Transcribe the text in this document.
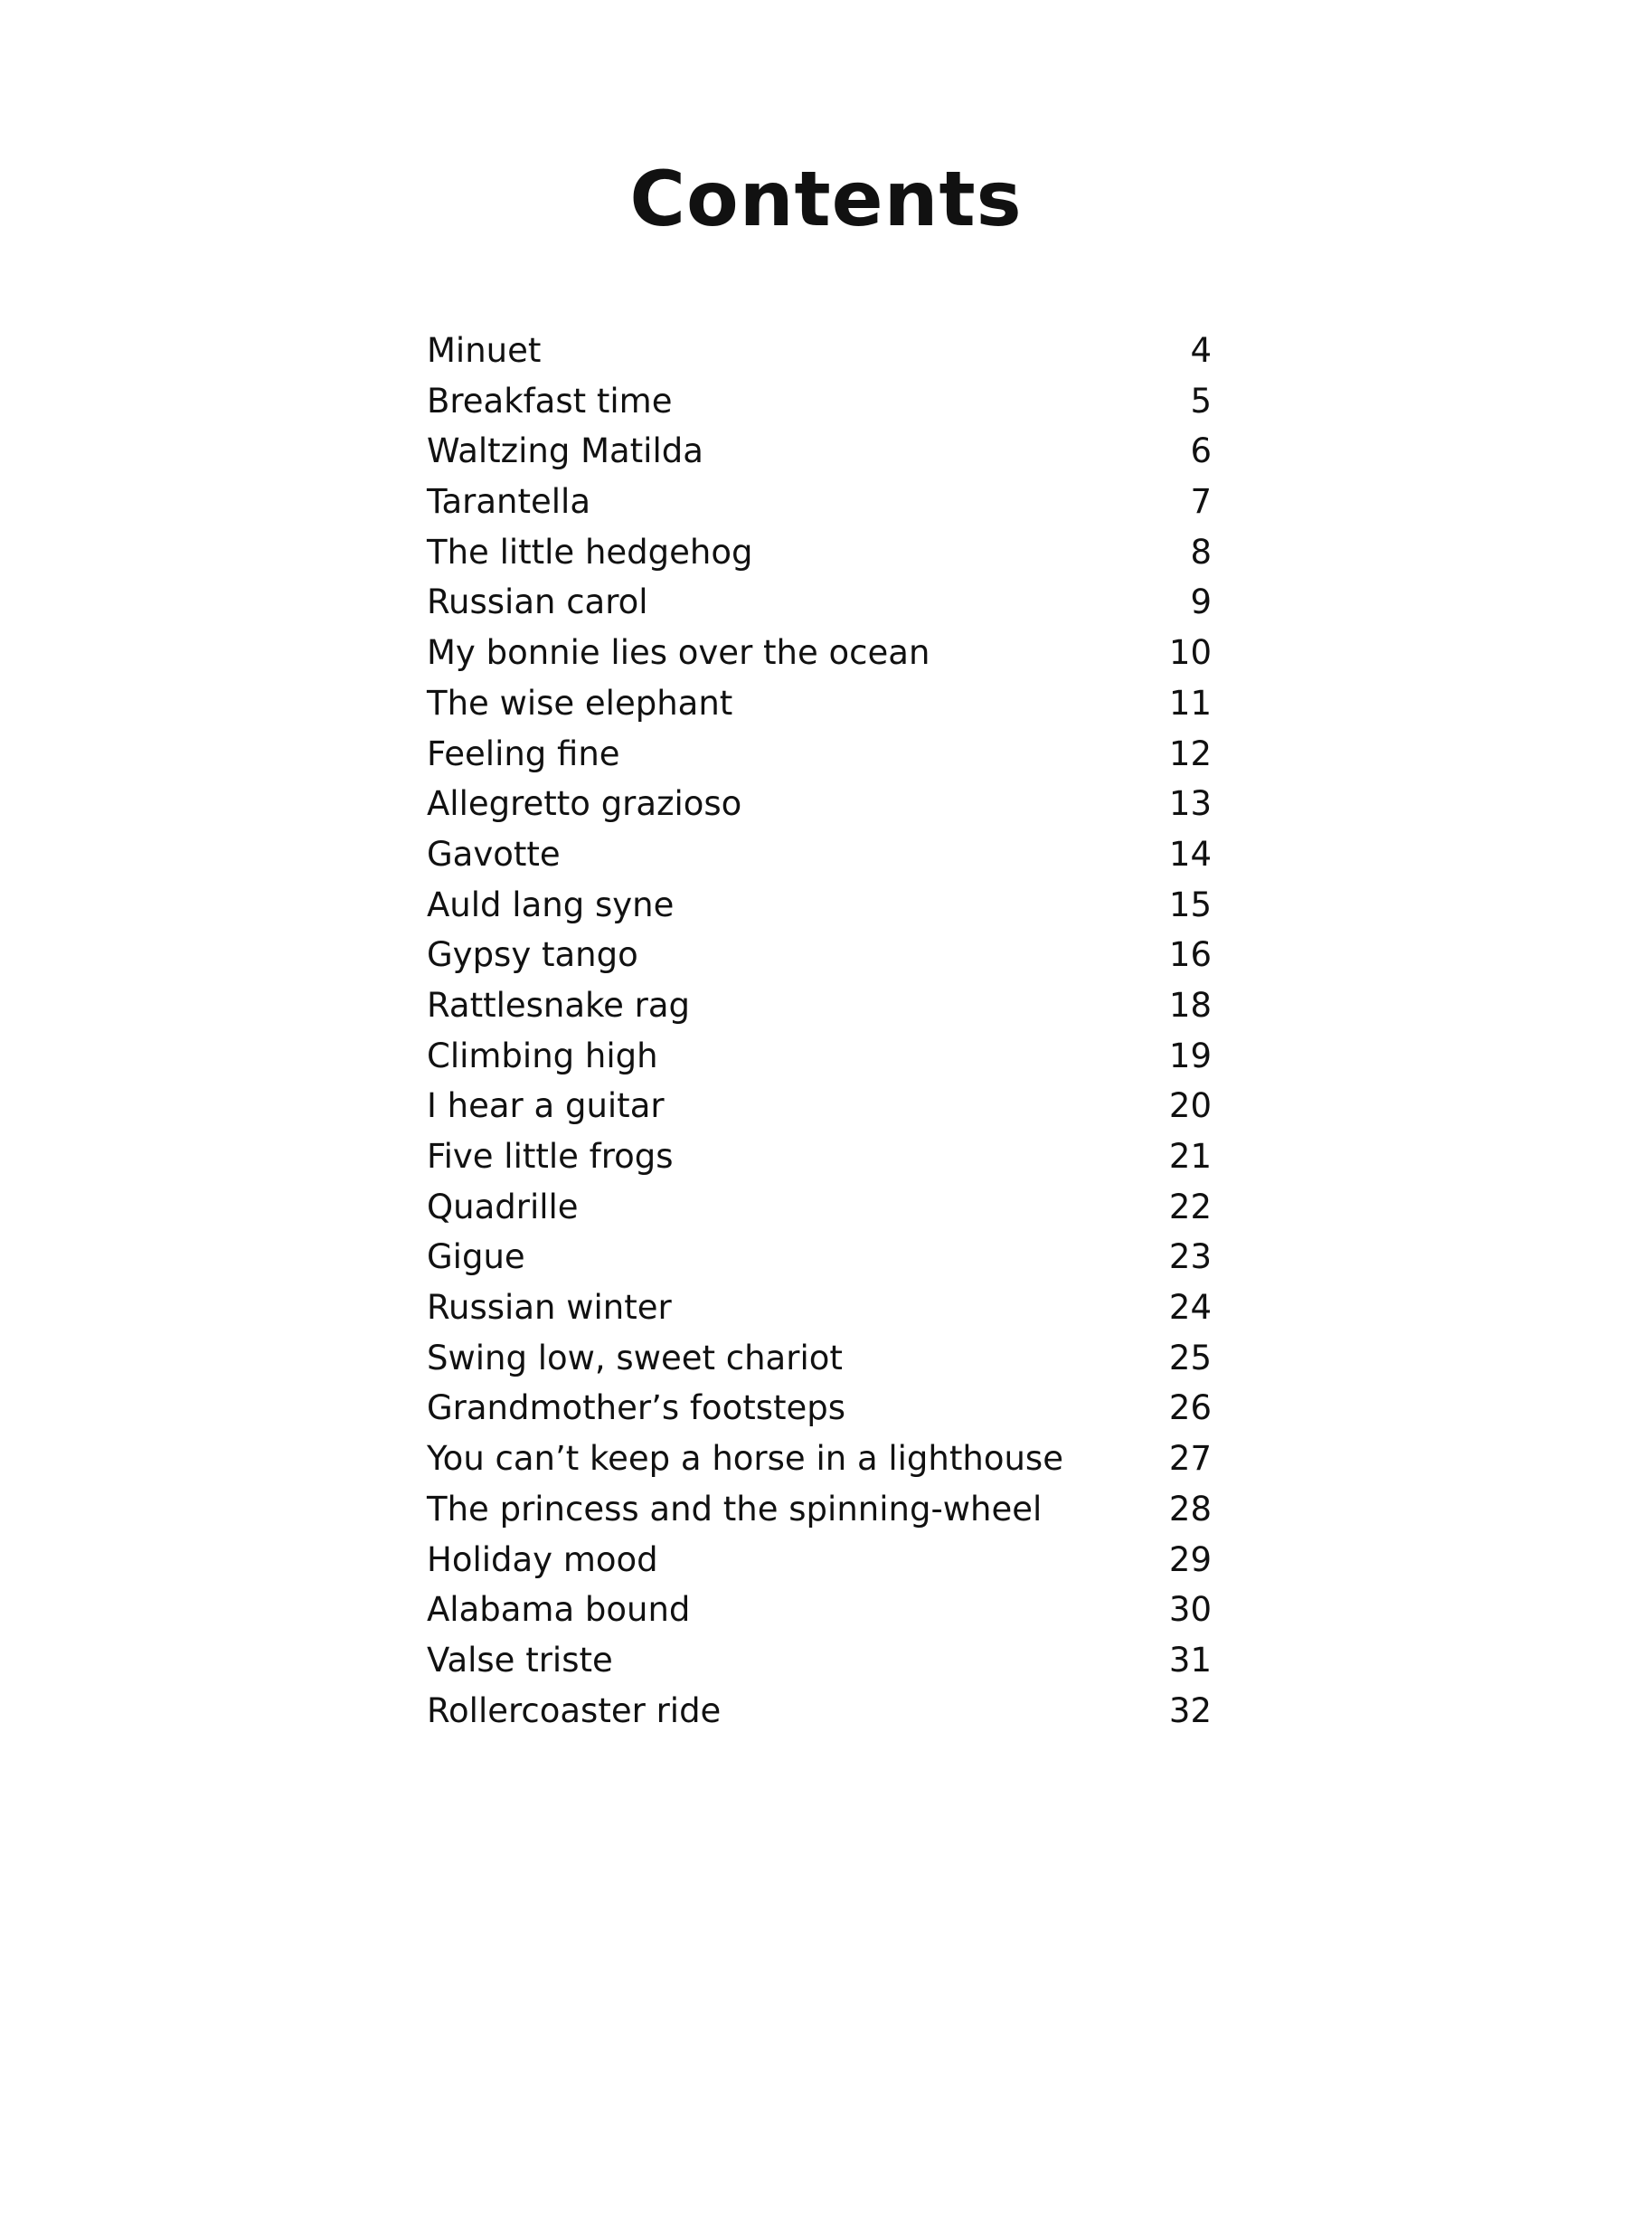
Contents
Minuet	4
Breakfast time	5
Waltzing Matilda	6
Tarantella	7
The little hedgehog	8
Russian carol	9
My bonnie lies over the ocean	10
The wise elephant	11
Feeling fine	12
Allegretto grazioso	13
Gavotte	14
Auld lang syne	15
Gypsy tango	16
Rattlesnake rag	18
Climbing high	19
I hear a guitar	20
Five little frogs	21
Quadrille	22
Gigue	23
Russian winter	24
Swing low, sweet chariot	25
Grandmother’s footsteps	26
You can’t keep a horse in a lighthouse	27
The princess and the spinning-wheel	28
Holiday mood	29
Alabama bound	30
Valse triste	31
Rollercoaster ride	32
